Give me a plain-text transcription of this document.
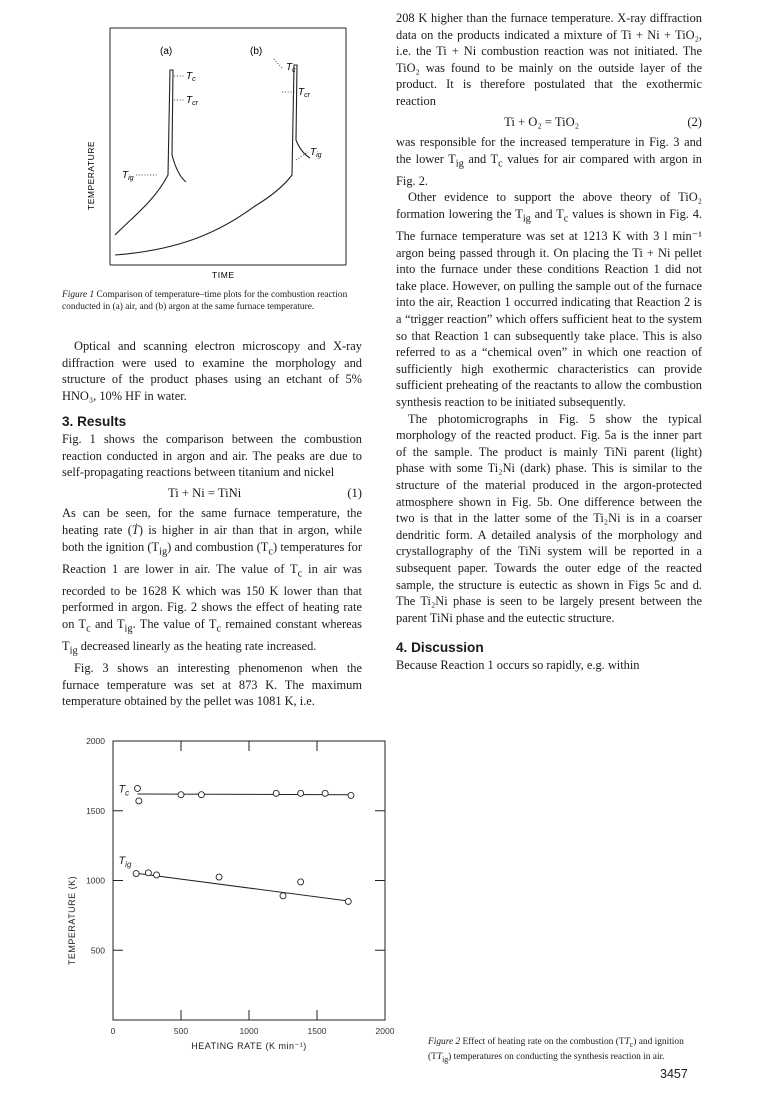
(a)	(b)
$T_c$
$T_{cr}$
$T_{ig}$
$T_c$
$T_{cr}$
$T_{ig}$
TEMPERATURE
TIME

Figure 1 Comparison of temperature–time plots for the combustion reaction conducted in (a) air, and (b) argon at the same furnace temperature.

Optical and scanning electron microscopy and X-ray diffraction were used to examine the morphology and structure of the product phases using an etchant of 5% HNO₃, 10% HF in water.

3. Results

Fig. 1 shows the comparison between the combustion reaction conducted in argon and air. The peaks are due to self-propagating reactions between titanium and nickel

Ti + Ni = TiNi	(1)

As can be seen, for the same furnace temperature, the heating rate (Ṫ) is higher in air than that in argon, while both the ignition $(T_{ig})$ and combustion $(T_c)$ temperatures for Reaction 1 are lower in air. The value of $T_c$ in air was recorded to be 1628 K which was 150 K lower than that performed in argon. Fig. 2 shows the effect of heating rate on $T_c$ and $T_{ig}$. The value of $T_c$ remained constant whereas $T_{ig}$ decreased linearly as the heating rate increased.

Fig. 3 shows an interesting phenomenon when the furnace temperature was set at 873 K. The maximum temperature obtained by the pellet was 1081 K, i.e.

208 K higher than the furnace temperature. X-ray diffraction data on the products indicated a mixture of Ti + Ni + TiO₂, i.e. the Ti + Ni combustion reaction was not initiated. The TiO₂ was found to be mainly on the outside layer of the product. It is therefore postulated that the exothermic reaction

Ti + O₂ = TiO₂	(2)

was responsible for the increased temperature in Fig. 3 and the lower $T_{ig}$ and $T_c$ values for air compared with argon in Fig. 2.

Other evidence to support the above theory of TiO₂ formation lowering the $T_{ig}$ and $T_c$ values is shown in Fig. 4. The furnace temperature was set at 1213 K with 3 l min⁻¹ argon being passed through it. On placing the Ti + Ni pellet into the furnace under these conditions Reaction 1 did not take place. However, on pulling the sample out of the furnace into the air, Reaction 1 occurred indicating that Reaction 2 is a “trigger reaction” which offers sufficient heat to the system so that Reaction 1 can subsequently take place. This is also referred to as a “chemical oven” in which one reaction of sufficiently high exothermic characteristics can provide sufficient preheating of the reactants to allow the combustion synthesis reaction to be initiated subsequently.

The photomicrographs in Fig. 5 show the typical morphology of the reacted product. Fig. 5a is the inner part of the sample. The product is mainly TiNi parent (light) phase with some Ti₂Ni (dark) phase. This is similar to the structure of the material produced in the argon-protected atmosphere shown in Fig. 5b. One difference between the two is that in the latter some of the Ti₂Ni is in a coarser dendritic form. A detailed analysis of the morphology and crystallography of the TiNi system will be reported in a subsequent paper. Towards the outer edge of the reacted sample, the structure is eutectic as shown in Figs 5c and d. The Ti₂Ni phase is seen to be largely present between the parent TiNi phase and the eutectic structure.

4. Discussion

Because Reaction 1 occurs so rapidly, e.g. within

0	500	1000	1500	2000
500
1000
1500
2000
HEATING RATE (K min⁻¹)
TEMPERATURE (K)
$T_c$
$T_{ig}$

Figure 2 Effect of heating rate on the combustion $(TT_c)$ and ignition $(TT_{ig})$ temperatures on conducting the synthesis reaction in air.

3457
